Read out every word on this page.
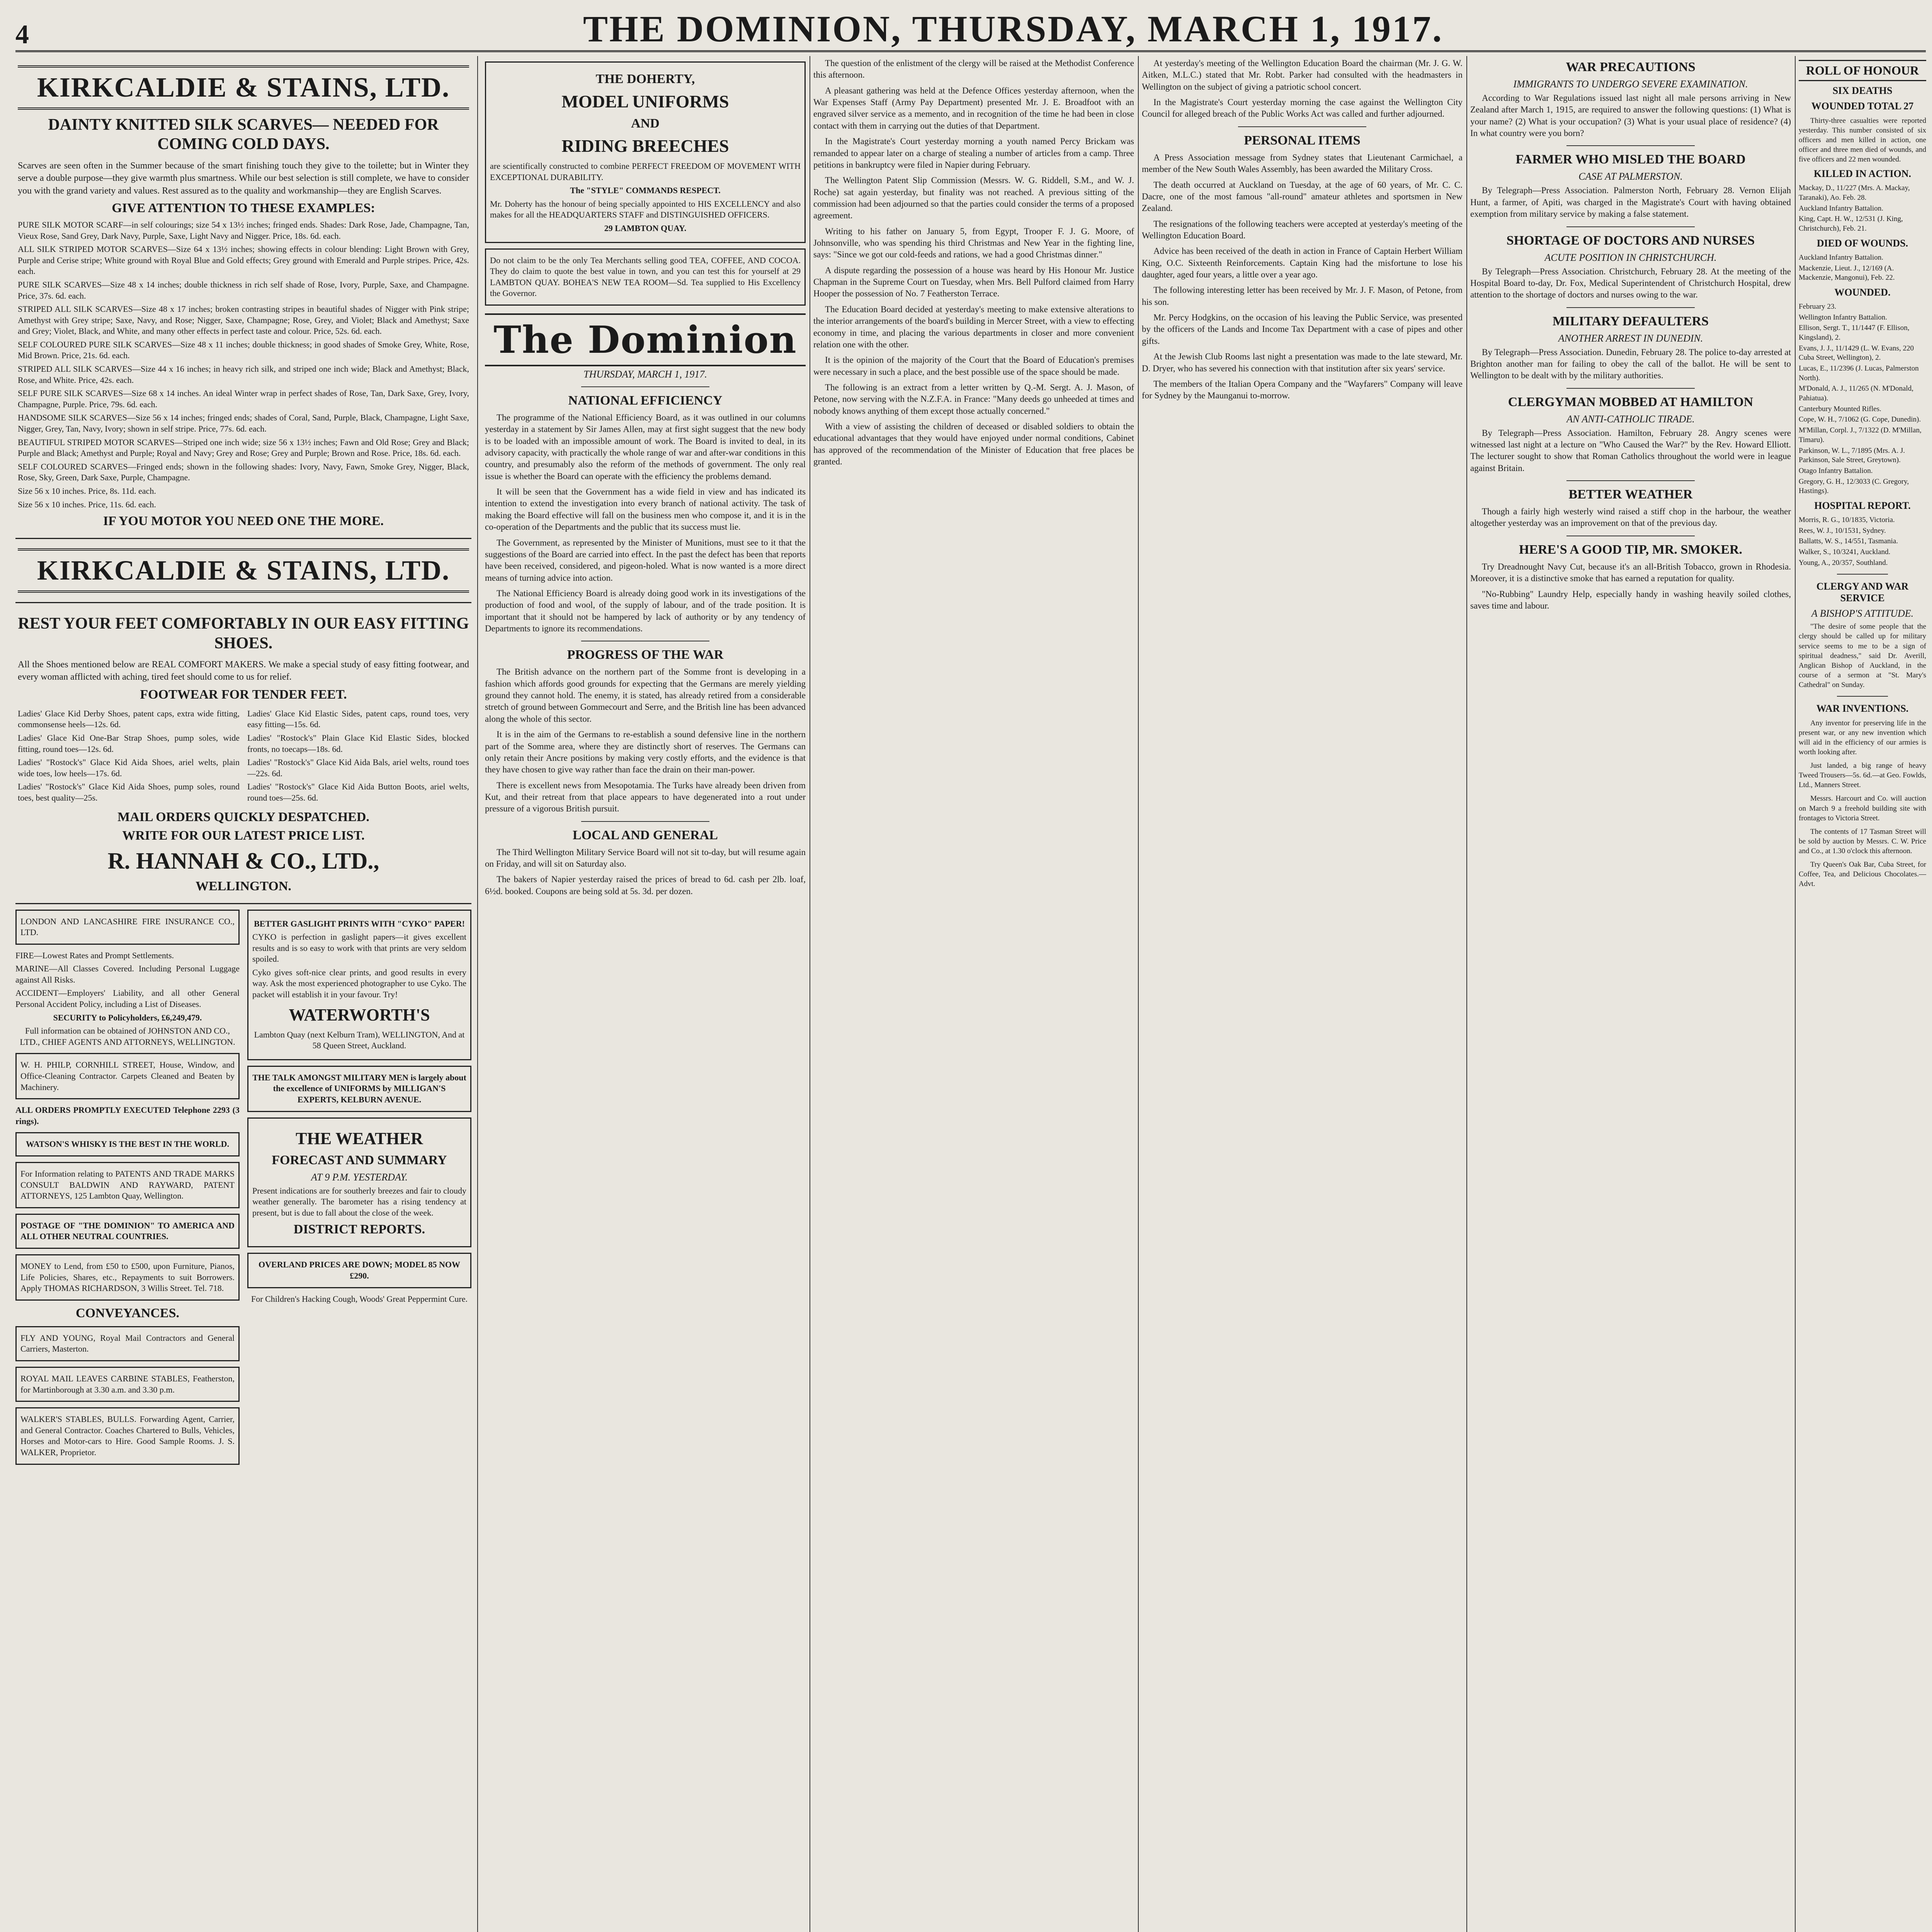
4	THE DOMINION, THURSDAY, MARCH 1, 1917.
KIRKCALDIE & STAINS, LTD.
DAINTY KNITTED SILK SCARVES— NEEDED FOR COMING COLD DAYS.
Scarves are seen often in the Summer because of the smart finishing touch they give to the toilette; but in Winter they serve a double purpose—they give warmth plus smartness. While our best selection is still complete, we have to consider you with the grand variety and values. Rest assured as to the quality and workmanship—they are English Scarves.
GIVE ATTENTION TO THESE EXAMPLES:
PURE SILK MOTOR SCARF—in self colourings; size 54 x 13½ inches; fringed ends. Shades: Dark Rose, Jade, Champagne, Tan, Vieux Rose, Sand Grey, Dark Navy, Purple, Saxe, Light Navy and Nigger. Price, 18s. 6d. each.
ALL SILK STRIPED MOTOR SCARVES—Size 64 x 13½ inches; showing effects in colour blending: Light Brown with Grey, Purple and Cerise stripe; White ground with Royal Blue and Gold effects; Grey ground with Emerald and Purple stripes. Price, 42s. each.
PURE SILK SCARVES—Size 48 x 14 inches; double thickness in rich self shade of Rose, Ivory, Purple, Saxe, and Champagne. Price, 37s. 6d. each.
STRIPED ALL SILK SCARVES—Size 48 x 17 inches; broken contrasting stripes in beautiful shades of Nigger with Pink stripe; Amethyst with Grey stripe; Saxe, Navy, and Rose; Nigger, Saxe, Champagne; Rose, Grey, and Violet; Black and Amethyst; Saxe and Grey; Violet, Black, and White, and many other effects in perfect taste and colour. Price, 52s. 6d. each.
SELF COLOURED PURE SILK SCARVES—Size 48 x 11 inches; double thickness; in good shades of Smoke Grey, White, Rose, Mid Brown. Price, 21s. 6d. each.
STRIPED ALL SILK SCARVES—Size 44 x 16 inches; in heavy rich silk, and striped one inch wide; Black and Amethyst; Black, Rose, and White. Price, 42s. each.
SELF PURE SILK SCARVES—Size 68 x 14 inches. An ideal Winter wrap in perfect shades of Rose, Tan, Dark Saxe, Grey, Ivory, Champagne, Purple. Price, 79s. 6d. each.
HANDSOME SILK SCARVES—Size 56 x 14 inches; fringed ends; shades of Coral, Sand, Purple, Black, Champagne, Light Saxe, Nigger, Grey, Tan, Navy, Ivory; shown in self stripe. Price, 77s. 6d. each.
BEAUTIFUL STRIPED MOTOR SCARVES—Striped one inch wide; size 56 x 13½ inches; Fawn and Old Rose; Grey and Black; Purple and Black; Amethyst and Purple; Royal and Navy; Grey and Rose; Grey and Purple; Brown and Rose. Price, 18s. 6d. each.
SELF COLOURED SCARVES—Fringed ends; shown in the following shades: Ivory, Navy, Fawn, Smoke Grey, Nigger, Black, Rose, Sky, Green, Dark Saxe, Purple, Champagne.
Size 56 x 10 inches. Price, 8s. 11d. each.
Size 56 x 10 inches. Price, 11s. 6d. each.
IF YOU MOTOR YOU NEED ONE THE MORE.
KIRKCALDIE & STAINS, LTD.
REST YOUR FEET COMFORTABLY IN OUR EASY FITTING SHOES.
All the Shoes mentioned below are REAL COMFORT MAKERS. We make a special study of easy fitting footwear, and every woman afflicted with aching, tired feet should come to us for relief.
FOOTWEAR FOR TENDER FEET.
Ladies' Glace Kid Derby Shoes, patent caps, extra wide fitting, commonsense heels—12s. 6d.
Ladies' Glace Kid One-Bar Strap Shoes, pump soles, wide fitting, round toes—12s. 6d.
Ladies' "Rostock's" Glace Kid Aida Shoes, ariel welts, plain wide toes, low heels—17s. 6d.
Ladies' "Rostock's" Glace Kid Aida Shoes, pump soles, round toes, best quality—25s.
Ladies' Glace Kid Elastic Sides, patent caps, round toes, very easy fitting—15s. 6d.
Ladies' "Rostock's" Plain Glace Kid Elastic Sides, blocked fronts, no toecaps—18s. 6d.
Ladies' "Rostock's" Glace Kid Aida Bals, ariel welts, round toes—22s. 6d.
Ladies' "Rostock's" Glace Kid Aida Button Boots, ariel welts, round toes—25s. 6d.
MAIL ORDERS QUICKLY DESPATCHED.
WRITE FOR OUR LATEST PRICE LIST.
R. HANNAH & CO., LTD.,
WELLINGTON.
LONDON AND LANCASHIRE FIRE INSURANCE CO., LTD.
FIRE—Lowest Rates and Prompt Settlements.
MARINE—All Classes Covered. Including Personal Luggage against All Risks.
ACCIDENT—Employers' Liability, and all other General Personal Accident Policy, including a List of Diseases.
SECURITY to Policyholders, £6,249,479.
Full information can be obtained of JOHNSTON AND CO., LTD., CHIEF AGENTS AND ATTORNEYS, WELLINGTON.
W. H. PHILP, CORNHILL STREET, House, Window, and Office-Cleaning Contractor. Carpets Cleaned and Beaten by Machinery.
ALL ORDERS PROMPTLY EXECUTED Telephone 2293 (3 rings).
WATSON'S WHISKY IS THE BEST IN THE WORLD.
For Information relating to PATENTS AND TRADE MARKS CONSULT BALDWIN AND RAYWARD, PATENT ATTORNEYS, 125 Lambton Quay, Wellington.
POSTAGE OF "THE DOMINION" TO AMERICA AND ALL OTHER NEUTRAL COUNTRIES.
MONEY to Lend, from £50 to £500, upon Furniture, Pianos, Life Policies, Shares, etc., Repayments to suit Borrowers. Apply THOMAS RICHARDSON, 3 Willis Street. Tel. 718.
CONVEYANCES.
FLY AND YOUNG, Royal Mail Contractors and General Carriers, Masterton.
ROYAL MAIL LEAVES CARBINE STABLES, Featherston, for Martinborough at 3.30 a.m. and 3.30 p.m.
WALKER'S STABLES, BULLS. Forwarding Agent, Carrier, and General Contractor. Coaches Chartered to Bulls, Vehicles, Horses and Motor-cars to Hire. Good Sample Rooms. J. S. WALKER, Proprietor.
BETTER GASLIGHT PRINTS WITH "CYKO" PAPER!
CYKO is perfection in gaslight papers—it gives excellent results and is so easy to work with that prints are very seldom spoiled.
Cyko gives soft-nice clear prints, and good results in every way. Ask the most experienced photographer to use Cyko. The packet will establish it in your favour. Try!
WATERWORTH'S
Lambton Quay (next Kelburn Tram), WELLINGTON, And at 58 Queen Street, Auckland.
THE TALK AMONGST MILITARY MEN is largely about the excellence of UNIFORMS by MILLIGAN'S EXPERTS, KELBURN AVENUE.
THE WEATHER
FORECAST AND SUMMARY
AT 9 P.M. YESTERDAY.
Present indications are for southerly breezes and fair to cloudy weather generally. The barometer has a rising tendency at present, but is due to fall about the close of the week.
DISTRICT REPORTS.
OVERLAND PRICES ARE DOWN; MODEL 85 NOW £290.
For Children's Hacking Cough, Woods' Great Peppermint Cure.
THE DOHERTY,
MODEL UNIFORMS
AND
RIDING BREECHES
are scientifically constructed to combine PERFECT FREEDOM OF MOVEMENT WITH EXCEPTIONAL DURABILITY.
The "STYLE" COMMANDS RESPECT.
Mr. Doherty has the honour of being specially appointed to HIS EXCELLENCY and also makes for all the HEADQUARTERS STAFF and DISTINGUISHED OFFICERS.
29 LAMBTON QUAY.
Do not claim to be the only Tea Merchants selling good TEA, COFFEE, AND COCOA. They do claim to quote the best value in town, and you can test this for yourself at 29 LAMBTON QUAY. BOHEA'S NEW TEA ROOM—Sd. Tea supplied to His Excellency the Governor.
The Dominion
THURSDAY, MARCH 1, 1917.
NATIONAL EFFICIENCY
The programme of the National Efficiency Board, as it was outlined in our columns yesterday in a statement by Sir James Allen, may at first sight suggest that the new body is to be loaded with an impossible amount of work. The Board is invited to deal, in its advisory capacity, with practically the whole range of war and after-war conditions in this country, and presumably also the reform of the methods of government. The only real issue is whether the Board can operate with the efficiency the problems demand.
It will be seen that the Government has a wide field in view and has indicated its intention to extend the investigation into every branch of national activity. The task of making the Board effective will fall on the business men who compose it, and it is in the co-operation of the Departments and the public that its success must lie.
The Government, as represented by the Minister of Munitions, must see to it that the suggestions of the Board are carried into effect. In the past the defect has been that reports have been received, considered, and pigeon-holed. What is now wanted is a more direct means of turning advice into action.
The National Efficiency Board is already doing good work in its investigations of the production of food and wool, of the supply of labour, and of the trade position. It is important that it should not be hampered by lack of authority or by any tendency of Departments to ignore its recommendations.
PROGRESS OF THE WAR
The British advance on the northern part of the Somme front is developing in a fashion which affords good grounds for expecting that the Germans are merely yielding ground they cannot hold. The enemy, it is stated, has already retired from a considerable stretch of ground between Gommecourt and Serre, and the British line has been advanced along the whole of this sector.
It is in the aim of the Germans to re-establish a sound defensive line in the northern part of the Somme area, where they are distinctly short of reserves. The Germans can only retain their Ancre positions by making very costly efforts, and the evidence is that they have chosen to give way rather than face the drain on their man-power.
There is excellent news from Mesopotamia. The Turks have already been driven from Kut, and their retreat from that place appears to have degenerated into a rout under pressure of a vigorous British pursuit.
LOCAL AND GENERAL
The Third Wellington Military Service Board will not sit to-day, but will resume again on Friday, and will sit on Saturday also.
The bakers of Napier yesterday raised the prices of bread to 6d. cash per 2lb. loaf, 6½d. booked. Coupons are being sold at 5s. 3d. per dozen.
The question of the enlistment of the clergy will be raised at the Methodist Conference this afternoon.
A pleasant gathering was held at the Defence Offices yesterday afternoon, when the War Expenses Staff (Army Pay Department) presented Mr. J. E. Broadfoot with an engraved silver service as a memento, and in recognition of the time he had been in close contact with them in carrying out the duties of that Department.
In the Magistrate's Court yesterday morning a youth named Percy Brickam was remanded to appear later on a charge of stealing a number of articles from a camp. Three petitions in bankruptcy were filed in Napier during February.
The Wellington Patent Slip Commission (Messrs. W. G. Riddell, S.M., and W. J. Roche) sat again yesterday, but finality was not reached. A previous sitting of the commission had been adjourned so that the parties could consider the terms of a proposed agreement.
Writing to his father on January 5, from Egypt, Trooper F. J. G. Moore, of Johnsonville, who was spending his third Christmas and New Year in the fighting line, says: "Since we got our cold-feeds and rations, we had a good Christmas dinner."
A dispute regarding the possession of a house was heard by His Honour Mr. Justice Chapman in the Supreme Court on Tuesday, when Mrs. Bell Pulford claimed from Harry Hooper the possession of No. 7 Featherston Terrace.
The Education Board decided at yesterday's meeting to make extensive alterations to the interior arrangements of the board's building in Mercer Street, with a view to effecting economy in time, and placing the various departments in closer and more convenient relation one with the other.
It is the opinion of the majority of the Court that the Board of Education's premises were necessary in such a place, and the best possible use of the space should be made.
The following is an extract from a letter written by Q.-M. Sergt. A. J. Mason, of Petone, now serving with the N.Z.F.A. in France: "Many deeds go unheeded at times and nobody knows anything of them except those actually concerned."
With a view of assisting the children of deceased or disabled soldiers to obtain the educational advantages that they would have enjoyed under normal conditions, Cabinet has approved of the recommendation of the Minister of Education that free places be granted.
At yesterday's meeting of the Wellington Education Board the chairman (Mr. J. G. W. Aitken, M.L.C.) stated that Mr. Robt. Parker had consulted with the headmasters in Wellington on the subject of giving a patriotic school concert.
In the Magistrate's Court yesterday morning the case against the Wellington City Council for alleged breach of the Public Works Act was called and further adjourned.
PERSONAL ITEMS
A Press Association message from Sydney states that Lieutenant Carmichael, a member of the New South Wales Assembly, has been awarded the Military Cross.
The death occurred at Auckland on Tuesday, at the age of 60 years, of Mr. C. C. Dacre, one of the most famous "all-round" amateur athletes and sportsmen in New Zealand.
The resignations of the following teachers were accepted at yesterday's meeting of the Wellington Education Board.
Advice has been received of the death in action in France of Captain Herbert William King, O.C. Sixteenth Reinforcements. Captain King had the misfortune to lose his daughter, aged four years, a little over a year ago.
The following interesting letter has been received by Mr. J. F. Mason, of Petone, from his son.
Mr. Percy Hodgkins, on the occasion of his leaving the Public Service, was presented by the officers of the Lands and Income Tax Department with a case of pipes and other gifts.
At the Jewish Club Rooms last night a presentation was made to the late steward, Mr. D. Dryer, who has severed his connection with that institution after six years' service.
The members of the Italian Opera Company and the "Wayfarers" Company will leave for Sydney by the Maunganui to-morrow.
WAR PRECAUTIONS
IMMIGRANTS TO UNDERGO SEVERE EXAMINATION.
According to War Regulations issued last night all male persons arriving in New Zealand after March 1, 1915, are required to answer the following questions: (1) What is your name? (2) What is your occupation? (3) What is your usual place of residence? (4) In what country were you born?
FARMER WHO MISLED THE BOARD
CASE AT PALMERSTON.
By Telegraph—Press Association. Palmerston North, February 28. Vernon Elijah Hunt, a farmer, of Apiti, was charged in the Magistrate's Court with having obtained exemption from military service by making a false statement.
SHORTAGE OF DOCTORS AND NURSES
ACUTE POSITION IN CHRISTCHURCH.
By Telegraph—Press Association. Christchurch, February 28. At the meeting of the Hospital Board to-day, Dr. Fox, Medical Superintendent of Christchurch Hospital, drew attention to the shortage of doctors and nurses owing to the war.
MILITARY DEFAULTERS
ANOTHER ARREST IN DUNEDIN.
By Telegraph—Press Association. Dunedin, February 28. The police to-day arrested at Brighton another man for failing to obey the call of the ballot. He will be sent to Wellington to be dealt with by the military authorities.
CLERGYMAN MOBBED AT HAMILTON
AN ANTI-CATHOLIC TIRADE.
By Telegraph—Press Association. Hamilton, February 28. Angry scenes were witnessed last night at a lecture on "Who Caused the War?" by the Rev. Howard Elliott. The lecturer sought to show that Roman Catholics throughout the world were in league against Britain.
BETTER WEATHER
Though a fairly high westerly wind raised a stiff chop in the harbour, the weather altogether yesterday was an improvement on that of the previous day.
HERE'S A GOOD TIP, MR. SMOKER.
Try Dreadnought Navy Cut, because it's an all-British Tobacco, grown in Rhodesia. Moreover, it is a distinctive smoke that has earned a reputation for quality.
"No-Rubbing" Laundry Help, especially handy in washing heavily soiled clothes, saves time and labour.
ROLL OF HONOUR
SIX DEATHS
WOUNDED TOTAL 27
Thirty-three casualties were reported yesterday. This number consisted of six officers and men killed in action, one officer and three men died of wounds, and five officers and 22 men wounded.
KILLED IN ACTION.
Mackay, D., 11/227 (Mrs. A. Mackay, Taranaki), Ao. Feb. 28.
Auckland Infantry Battalion.
King, Capt. H. W., 12/531 (J. King, Christchurch), Feb. 21.
DIED OF WOUNDS.
Auckland Infantry Battalion.
Mackenzie, Lieut. J., 12/169 (A. Mackenzie, Mangonui), Feb. 22.
WOUNDED.
February 23.
Wellington Infantry Battalion.
Ellison, Sergt. T., 11/1447 (F. Ellison, Kingsland), 2.
Evans, J. J., 11/1429 (L. W. Evans, 220 Cuba Street, Wellington), 2.
Lucas, E., 11/2396 (J. Lucas, Palmerston North).
M'Donald, A. J., 11/265 (N. M'Donald, Pahiatua).
Canterbury Mounted Rifles.
Cope, W. H., 7/1062 (G. Cope, Dunedin).
M'Millan, Corpl. J., 7/1322 (D. M'Millan, Timaru).
Parkinson, W. L., 7/1895 (Mrs. A. J. Parkinson, Sale Street, Greytown).
Otago Infantry Battalion.
Gregory, G. H., 12/3033 (C. Gregory, Hastings).
HOSPITAL REPORT.
Morris, R. G., 10/1835, Victoria.
Rees, W. J., 10/1531, Sydney.
Ballatts, W. S., 14/551, Tasmania.
Walker, S., 10/3241, Auckland.
Young, A., 20/357, Southland.
CLERGY AND WAR SERVICE
A BISHOP'S ATTITUDE.
"The desire of some people that the clergy should be called up for military service seems to me to be a sign of spiritual deadness," said Dr. Averill, Anglican Bishop of Auckland, in the course of a sermon at "St. Mary's Cathedral" on Sunday.
WAR INVENTIONS.
Any inventor for preserving life in the present war, or any new invention which will aid in the efficiency of our armies is worth looking after.
Just landed, a big range of heavy Tweed Trousers—5s. 6d.—at Geo. Fowlds, Ltd., Manners Street.
Messrs. Harcourt and Co. will auction on March 9 a freehold building site with frontages to Victoria Street.
The contents of 17 Tasman Street will be sold by auction by Messrs. C. W. Price and Co., at 1.30 o'clock this afternoon.
Try Queen's Oak Bar, Cuba Street, for Coffee, Tea, and Delicious Chocolates.—Advt.
